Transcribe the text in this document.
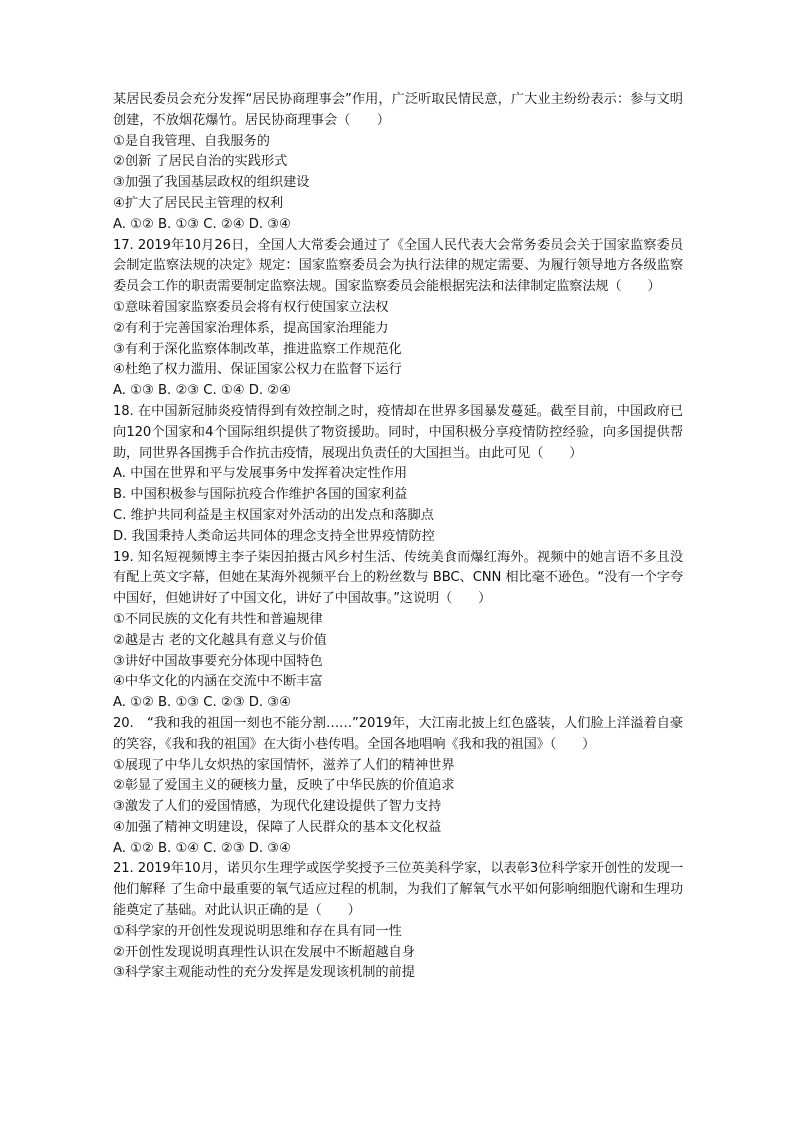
某居民委员会充分发挥“居民协商理事会”作用，广泛听取民情民意，广大业主纷纷表示：参与文明创建，不放烟花爆竹。居民协商理事会（　　）
①是自我管理、自我服务的
②创新 了居民自治的实践形式
③加强了我国基层政权的组织建设
④扩大了居民民主管理的权利
A. ①② B. ①③ C. ②④ D. ③④
17. 2019年10月26日，全国人大常委会通过了《全国人民代表大会常务委员会关于国家监察委员会制定监察法规的决定》规定：国家监察委员会为执行法律的规定需要、为履行领导地方各级监察委员会工作的职责需要制定监察法规。国家监察委员会能根据宪法和法律制定监察法规（　　）
①意味着国家监察委员会将有权行使国家立法权
②有利于完善国家治理体系，提高国家治理能力
③有利于深化监察体制改革，推进监察工作规范化
④杜绝了权力滥用、保证国家公权力在监督下运行
A. ①③ B. ②③ C. ①④ D. ②④
18. 在中国新冠肺炎疫情得到有效控制之时，疫情却在世界多国暴发蔓延。截至目前，中国政府已向120个国家和4个国际组织提供了物资援助。同时，中国积极分享疫情防控经验，向多国提供帮助，同世界各国携手合作抗击疫情，展现出负责任的大国担当。由此可见（　　）
A. 中国在世界和平与发展事务中发挥着决定性作用
B. 中国积极参与国际抗疫合作维护各国的国家利益
C. 维护共同利益是主权国家对外活动的出发点和落脚点
D. 我国秉持人类命运共同体的理念支持全世界疫情防控
19. 知名短视频博主李子柒因拍摄古风乡村生活、传统美食而爆红海外。视频中的她言语不多且没有配上英文字幕，但她在某海外视频平台上的粉丝数与 BBC、CNN 相比毫不逊色。“没有一个字夸中国好，但她讲好了中国文化，讲好了中国故事。”这说明（　　）
①不同民族的文化有共性和普遍规律
②越是古 老的文化越具有意义与价值
③讲好中国故事要充分体现中国特色
④中华文化的内涵在交流中不断丰富
A. ①② B. ①③ C. ②③ D. ③④
20.　“我和我的祖国一刻也不能分割……”2019年，大江南北披上红色盛装，人们脸上洋溢着自豪的笑容，《我和我的祖国》在大街小巷传唱。全国各地唱响《我和我的祖国》（　　）
①展现了中华儿女炽热的家国情怀，滋养了人们的精神世界
②彰显了爱国主义的硬核力量，反映了中华民族的价值追求
③激发了人们的爱国情感，为现代化建设提供了智力支持
④加强了精神文明建设，保障了人民群众的基本文化权益
A. ①② B. ①④ C. ②③ D. ③④
21. 2019年10月，诺贝尔生理学或医学奖授予三位英美科学家，以表彰3位科学家开创性的发现一他们解释 了生命中最重要的氧气适应过程的机制，为我们了解氧气水平如何影响细胞代谢和生理功能奠定了基础。对此认识正确的是（　　）
①科学家的开创性发现说明思维和存在具有同一性
②开创性发现说明真理性认识在发展中不断超越自身
③科学家主观能动性的充分发挥是发现该机制的前提
